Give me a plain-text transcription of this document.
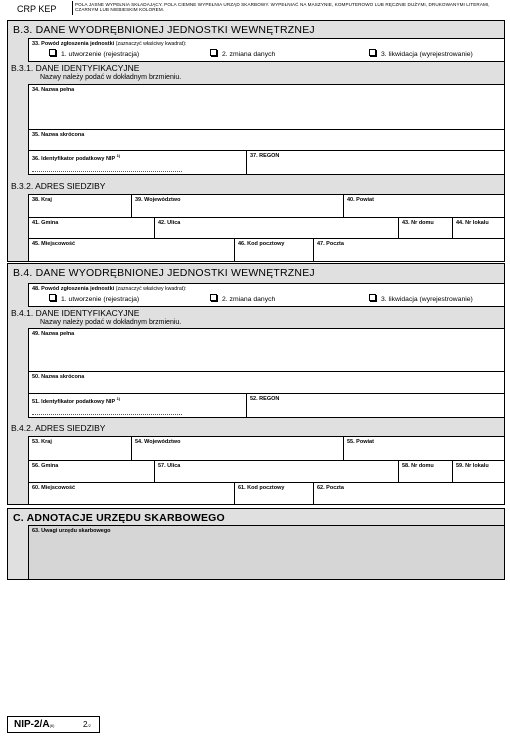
CRP KEP	POLA JASNE WYPEŁNIA SKŁADAJĄCY. POLA CIEMNE WYPEŁNIA URZĄD SKARBOWY. WYPEŁNIAĆ NA MASZYNIE, KOMPUTEROWO LUB RĘCZNIE DUŻYMI, DRUKOWANYMI LITERAMI, CZARNYM LUB NIEBIESKIM KOLOREM.
B.3. DANE WYODRĘBNIONEJ JEDNOSTKI WEWNĘTRZNEJ
33. Powód zgłoszenia jednostki (zaznaczyć właściwy kwadrat):
1. utworzenie (rejestracja)	2. zmiana danych	3. likwidacja (wyrejestrowanie)
B.3.1. DANE IDENTYFIKACYJNE
Nazwy należy podać w dokładnym brzmieniu.
34. Nazwa pełna
35. Nazwa skrócona
36. Identyfikator podatkowy NIP $^{1)}$	37. REGON
B.3.2. ADRES SIEDZIBY
38. Kraj	39. Województwo	40. Powiat
41. Gmina	42. Ulica	43. Nr domu	44. Nr lokalu
45. Miejscowość	46. Kod pocztowy	47. Poczta
B.4. DANE WYODRĘBNIONEJ JEDNOSTKI WEWNĘTRZNEJ
48. Powód zgłoszenia jednostki (zaznaczyć właściwy kwadrat):
1. utworzenie (rejestracja)	2. zmiana danych	3. likwidacja (wyrejestrowanie)
B.4.1. DANE IDENTYFIKACYJNE
Nazwy należy podać w dokładnym brzmieniu.
49. Nazwa pełna
50. Nazwa skrócona
51. Identyfikator podatkowy NIP $^{1)}$	52. REGON
B.4.2. ADRES SIEDZIBY
53. Kraj	54. Województwo	55. Powiat
56. Gmina	57. Ulica	58. Nr domu	59. Nr lokalu
60. Miejscowość	61. Kod pocztowy	62. Poczta
C. ADNOTACJE URZĘDU SKARBOWEGO
63. Uwagi urzędu skarbowego
NIP-2/A(6)	2/2
